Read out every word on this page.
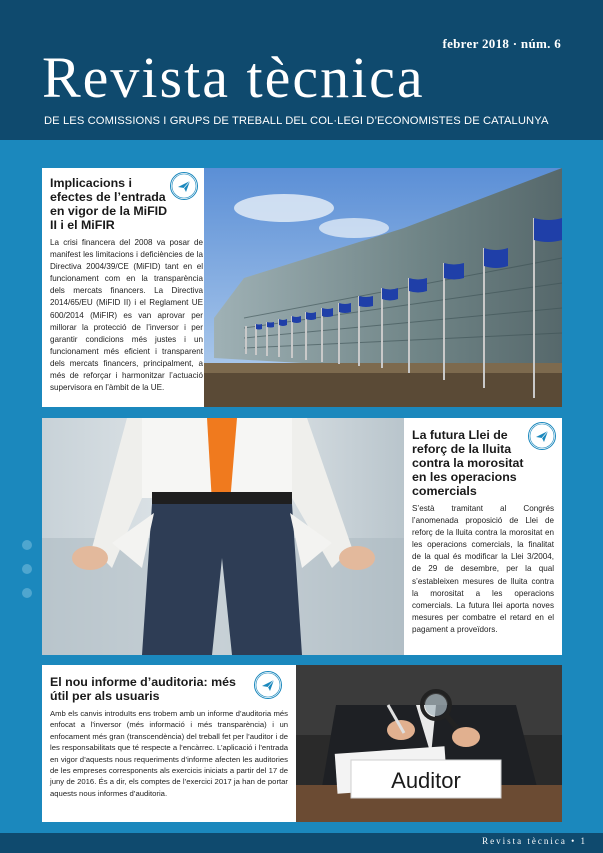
febrer 2018 · núm. 6
Revista tècnica
DE LES COMISSIONS I GRUPS DE TREBALL DEL COL·LEGI D’ECONOMISTES DE CATALUNYA
Implicacions i efectes de l’entrada en vigor de la MiFID II i el MiFIR

La crisi financera del 2008 va posar de manifest les limitacions i deficiències de la Directiva 2004/39/CE (MiFID) tant en el funcionament com en la transparència dels mercats financers. La Directiva 2014/65/EU (MiFID II) i el Reglament UE 600/2014 (MiFIR) es van aprovar per millorar la protecció de l’inversor i per garantir condicions més justes i un funcionament més eficient i transparent dels mercats financers, principalment, a més de reforçar i harmonitzar l’actuació supervisora en l’àmbit de la UE.

La futura Llei de reforç de la lluita contra la morositat en les operacions comercials

S’està tramitant al Congrés l’anomenada proposició de Llei de reforç de la lluita contra la morositat en les operacions comercials, la finalitat de la qual és modificar la Llei 3/2004, de 29 de desembre, per la qual s’estableixen mesures de lluita contra la morositat a les operacions comercials. La futura llei aporta noves mesures per combatre el retard en el pagament a proveïdors.

El nou informe d’auditoria: més útil per als usuaris

Amb els canvis introduïts ens trobem amb un informe d’auditoria més enfocat a l’inversor (més informació i més transparència) i un enfocament més gran (transcendència) del treball fet per l’auditor i de les responsabilitats que té respecte a l’encàrrec. L’aplicació i l’entrada en vigor d’aquests nous requeriments d’informe afecten les auditories de les empreses corresponents als exercicis iniciats a partir del 17 de juny de 2016. És a dir, els comptes de l’exercici 2017 ja han de portar aquests nous informes d’auditoria.

Auditor
Revista tècnica • 1
